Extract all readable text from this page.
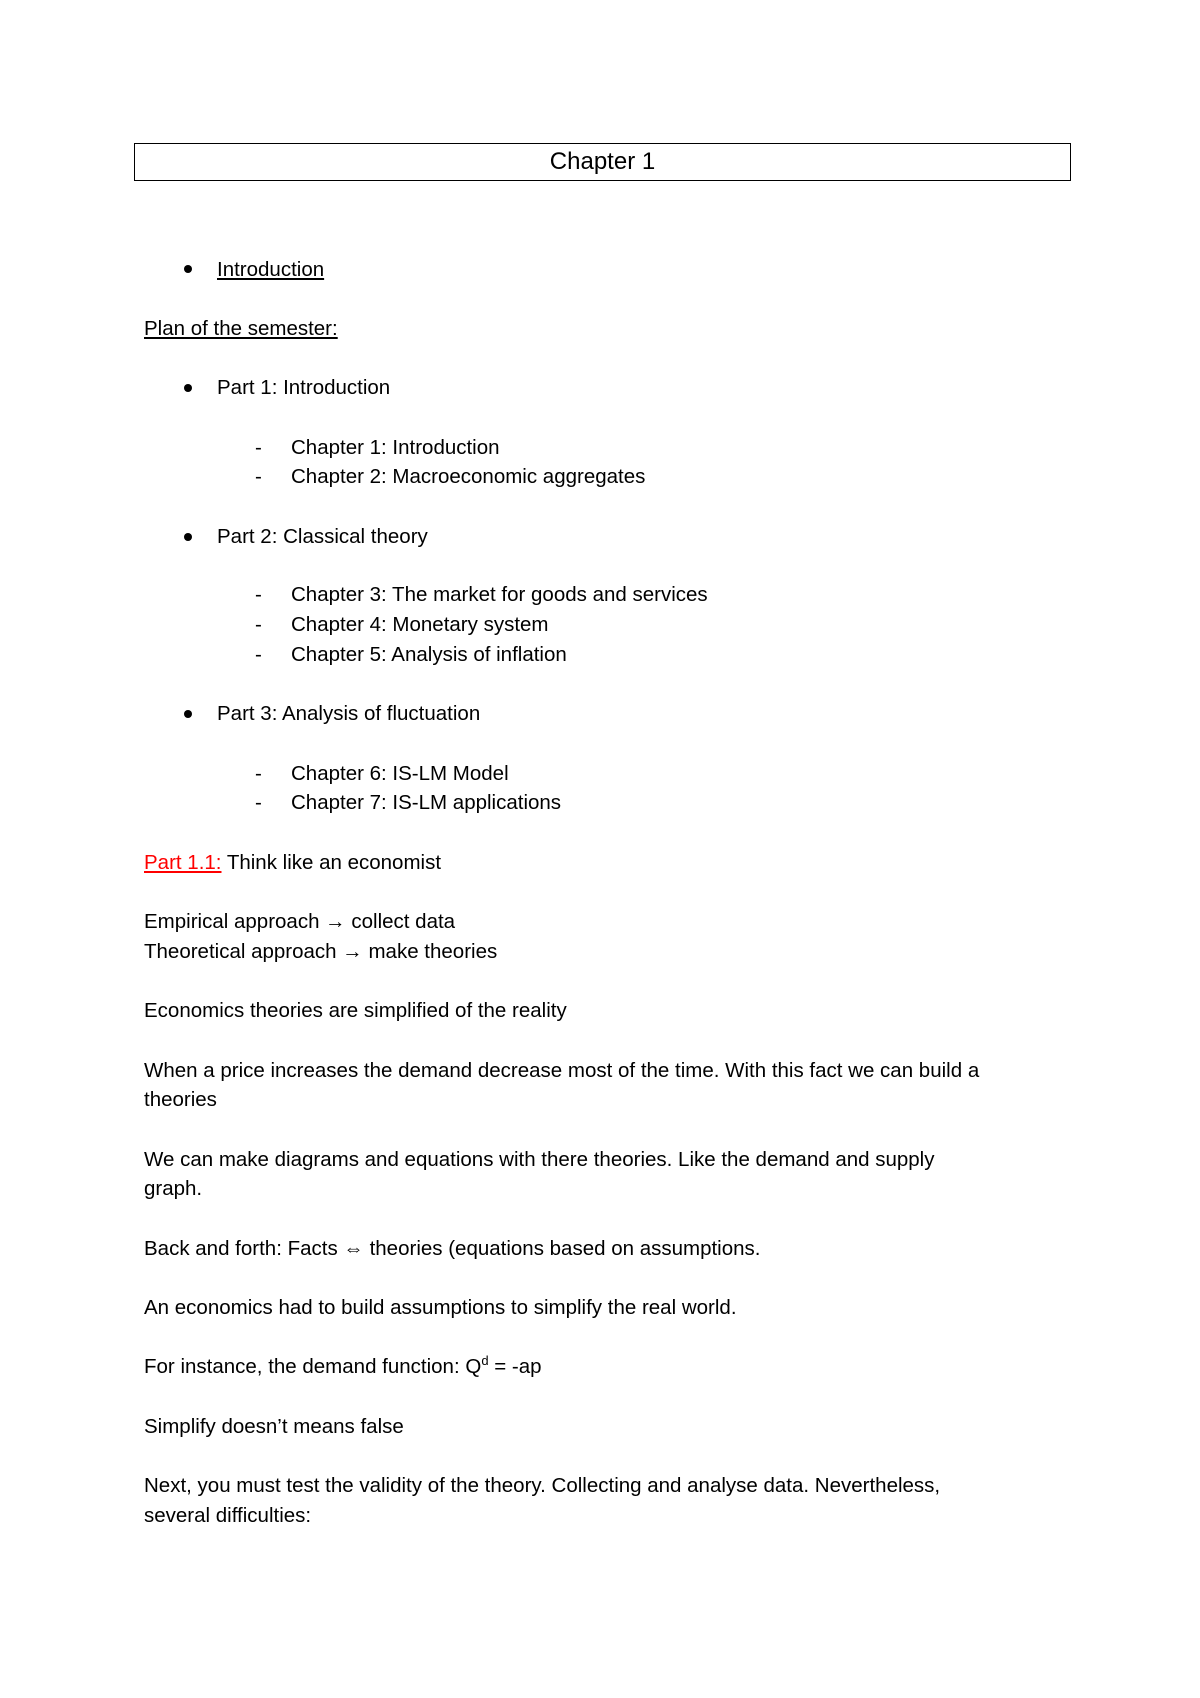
Chapter 1
Introduction
Plan of the semester:
Part 1: Introduction
- Chapter 1: Introduction
- Chapter 2: Macroeconomic aggregates
Part 2: Classical theory
- Chapter 3: The market for goods and services
- Chapter 4: Monetary system
- Chapter 5: Analysis of inflation
Part 3: Analysis of fluctuation
- Chapter 6: IS-LM Model
- Chapter 7: IS-LM applications
Part 1.1: Think like an economist
Empirical approach → collect data
Theoretical approach → make theories
Economics theories are simplified of the reality
When a price increases the demand decrease most of the time. With this fact we can build a
theories
We can make diagrams and equations with there theories. Like the demand and supply
graph.
Back and forth: Facts ⇔ theories (equations based on assumptions.
An economics had to build assumptions to simplify the real world.
For instance, the demand function: $Q^d = -ap$
Simplify doesn’t means false
Next, you must test the validity of the theory. Collecting and analyse data. Nevertheless,
several difficulties:
